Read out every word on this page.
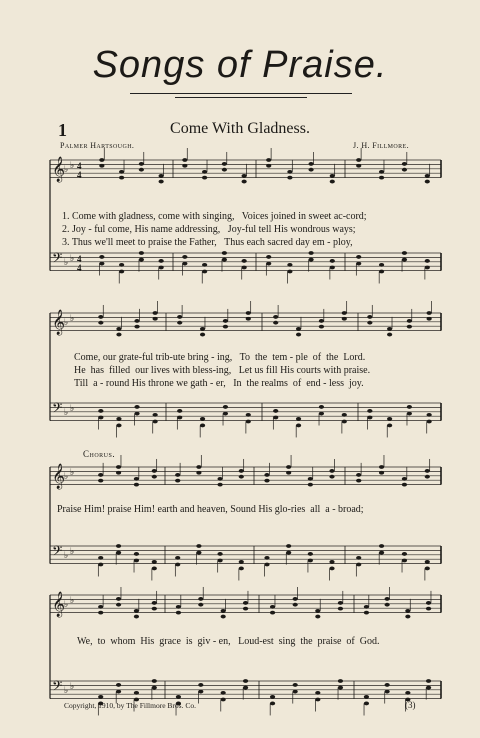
Songs of Praise.
1	Come With Gladness.
Palmer Hartsough.	J. H. Fillmore.
𝄞
♭ ♭ 4
4
𝄢 ♭ ♭ 4
4
𝄞
♭ ♭
𝄢 ♭ ♭
𝄞
♭ ♭
𝄢 ♭ ♭
𝄞
♭ ♭
𝄢 ♭ ♭
1. Come with gladness, come with singing,   Voices joined in sweet ac-cord;
2. Joy - ful come, His name addressing,   Joy-ful tell His wondrous ways;
3. Thus we'll meet to praise the Father,   Thus each sacred day em - ploy,
Come, our grate-ful trib-ute bring - ing,   To  the  tem - ple  of  the  Lord.
He  has  filled  our lives with bless-ing,   Let us fill His courts with praise.
Till  a - round His throne we gath - er,   In  the realms  of  end - less  joy.
Chorus.
Praise Him! praise Him! earth and heaven, Sound His glo-ries  all  a - broad;
We,  to  whom  His  grace  is  giv - en,   Loud-est  sing  the  praise  of  God.
Copyright, 1910, by The Fillmore Bros. Co.	(3)
